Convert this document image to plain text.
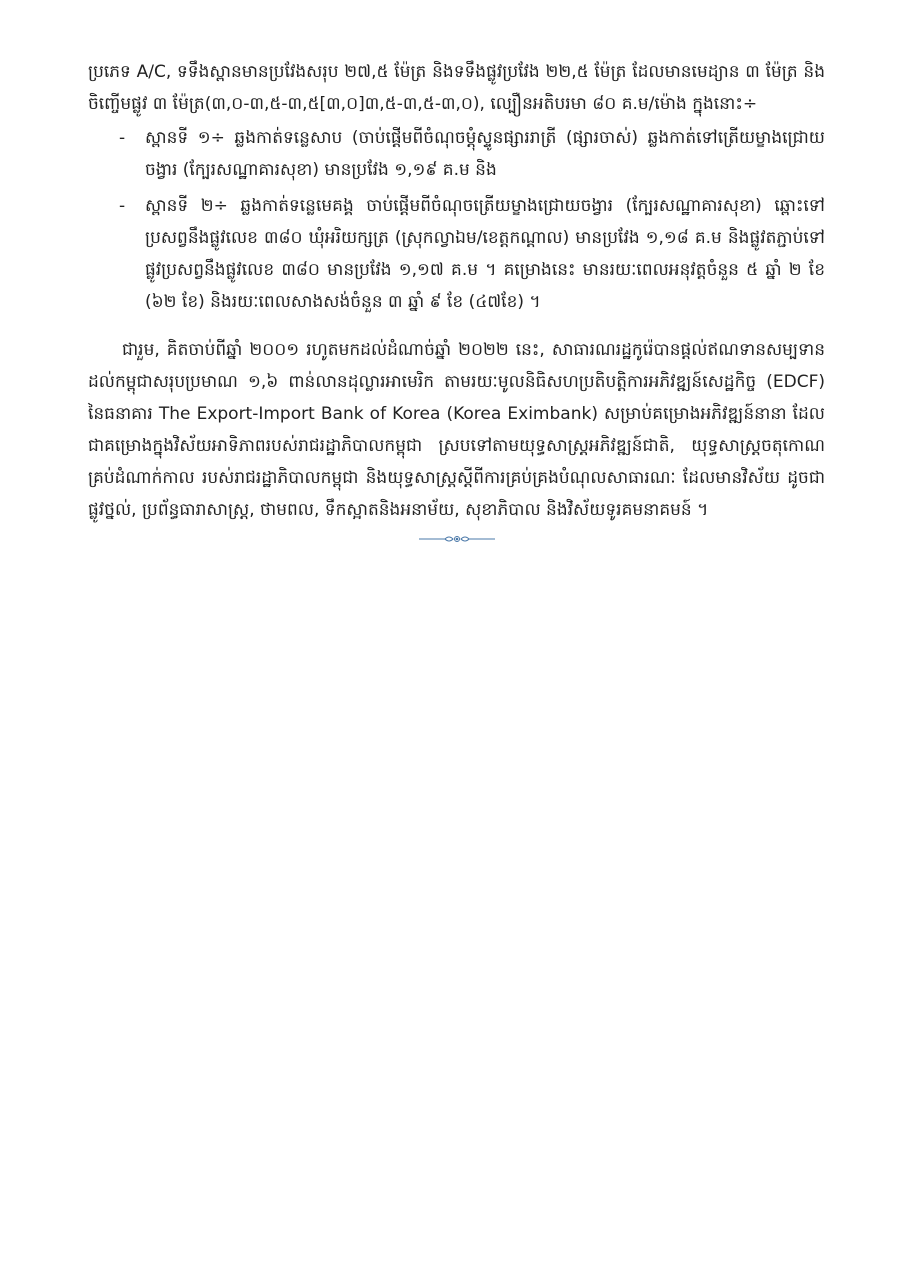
ប្រភេទ A/C, ទទឹងស្ពានមានប្រវែងសរុប ២៧,៥ ម៉ែត្រ និងទទឹងផ្លូវប្រវែង ២២,៥ ម៉ែត្រ ដែលមានមេដ្យាន ៣ ម៉ែត្រ និងចិញ្ចើមផ្លូវ ៣ ម៉ែត្រ(៣,០-៣,៥-៣,៥[៣,០]៣,៥-៣,៥-៣,០), ល្បឿនអតិបរមា ៨០ គ.ម/ម៉ោង ក្នុងនោះ÷

- ស្ពានទី ១÷ ឆ្លងកាត់ទន្លេសាប (ចាប់ផ្តើមពីចំណុចម្តុំស្ទូនផ្សាររាត្រី (ផ្សារចាស់) ឆ្លងកាត់ទៅត្រើយម្ខាងជ្រោយចង្វារ (ក្បែរសណ្ឋាគារសុខា) មានប្រវែង ១,១៩ គ.ម និង
- ស្ពានទី ២÷ ឆ្លងកាត់ទន្លេមេគង្គ ចាប់ផ្តើមពីចំណុចត្រើយម្ខាងជ្រោយចង្វារ (ក្បែរសណ្ឋាគារសុខា) ឆ្ពោះទៅប្រសព្វនឹងផ្លូវលេខ ៣៨០ ឃុំអរិយក្សត្រ (ស្រុកល្វាឯម/ខេត្តកណ្តាល) មានប្រវែង ១,១៨ គ.ម និងផ្លូវតភ្ជាប់ទៅផ្លូវប្រសព្វនឹងផ្លូវលេខ ៣៨០ មានប្រវែង ១,១៧ គ.ម ។ គម្រោងនេះ មានរយៈពេលអនុវត្តចំនួន ៥ ឆ្នាំ ២ ខែ (៦២ ខែ) និងរយៈពេលសាងសង់ចំនួន ៣ ឆ្នាំ ៩ ខែ (៤៧ខែ) ។

ជារួម, គិតចាប់ពីឆ្នាំ ២០០១ រហូតមកដល់ដំណាច់ឆ្នាំ ២០២២ នេះ, សាធារណរដ្ឋកូរ៉េបានផ្តល់ឥណទានសម្បទានដល់កម្ពុជាសរុបប្រមាណ ១,៦ ពាន់លានដុល្លារអាមេរិក តាមរយៈមូលនិធិសហប្រតិបត្តិការអភិវឌ្ឍន៍សេដ្ឋកិច្ច (EDCF) នៃធនាគារ The Export-Import Bank of Korea (Korea Eximbank) សម្រាប់គម្រោងអភិវឌ្ឍន៍នានា ដែលជាគម្រោងក្នុងវិស័យអាទិភាពរបស់រាជរដ្ឋាភិបាលកម្ពុជា ស្របទៅតាមយុទ្ធសាស្ត្រអភិវឌ្ឍន៍ជាតិ, យុទ្ធសាស្ត្រចតុកោណគ្រប់ដំណាក់កាល របស់រាជរដ្ឋាភិបាលកម្ពុជា និងយុទ្ធសាស្ត្រស្តីពីការគ្រប់គ្រងបំណុលសាធារណៈ ដែលមានវិស័យ ដូចជា ផ្លូវថ្នល់, ប្រព័ន្ធធារាសាស្ត្រ, ថាមពល, ទឹកស្អាតនិងអនាម័យ, សុខាភិបាល និងវិស័យទូរគមនាគមន៍ ។
